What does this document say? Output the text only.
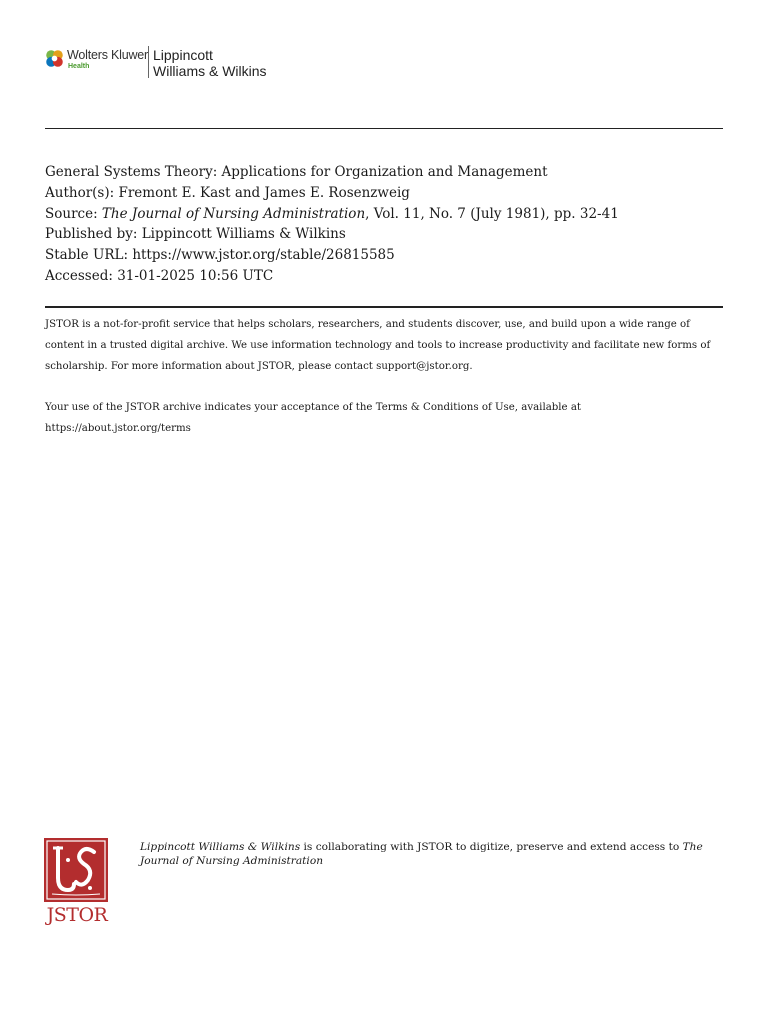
Wolters Kluwer
Health
Lippincott
Williams & Wilkins
General Systems Theory: Applications for Organization and Management
Author(s): Fremont E. Kast and James E. Rosenzweig
Source: The Journal of Nursing Administration, Vol. 11, No. 7 (July 1981), pp. 32-41
Published by: Lippincott Williams & Wilkins
Stable URL: https://www.jstor.org/stable/26815585
Accessed: 31-01-2025 10:56 UTC

JSTOR is a not-for-profit service that helps scholars, researchers, and students discover, use, and build upon a wide range of content in a trusted digital archive. We use information technology and tools to increase productivity and facilitate new forms of scholarship. For more information about JSTOR, please contact support@jstor.org.

Your use of the JSTOR archive indicates your acceptance of the Terms & Conditions of Use, available at https://about.jstor.org/terms

JSTOR
Lippincott Williams & Wilkins is collaborating with JSTOR to digitize, preserve and extend access to The Journal of Nursing Administration
